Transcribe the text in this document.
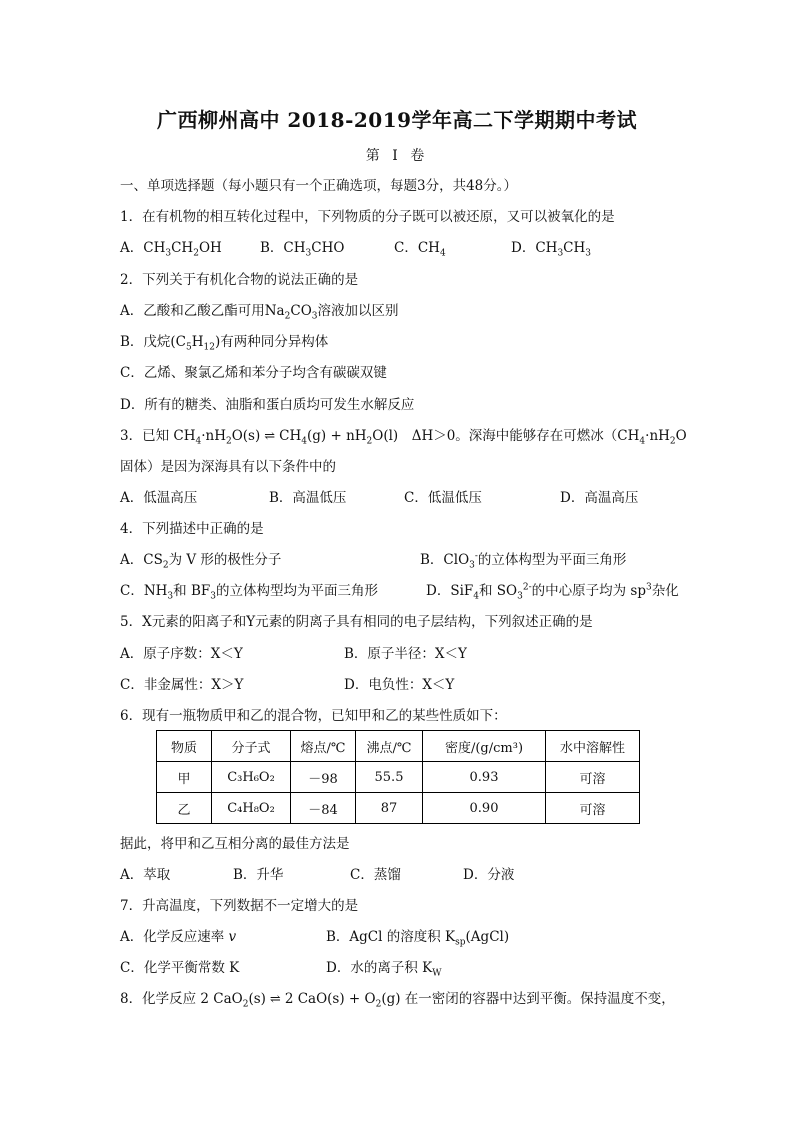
广西柳州高中 2018-2019学年高二下学期期中考试
第 Ⅰ 卷
一、单项选择题（每小题只有一个正确选项，每题3分，共48分。）
1．在有机物的相互转化过程中，下列物质的分子既可以被还原，又可以被氧化的是
A．$CH_3CH_2OH$	B．$CH_3CHO$	C．$CH_4$	D．$CH_3CH_3$
2．下列关于有机化合物的说法正确的是
A．乙酸和乙酸乙酯可用$Na_2CO_3$溶液加以区别
B．戊烷$(C_5H_{12})$有两种同分异构体
C．乙烯、聚氯乙烯和苯分子均含有碳碳双键
D．所有的糖类、油脂和蛋白质均可发生水解反应
3．已知 $CH_4\cdot nH_2O(s)$ ⇌ $CH_4(g) + nH_2O(l)$　ΔH＞0。深海中能够存在可燃冰（$CH_4\cdot nH_2O$
固体）是因为深海具有以下条件中的
A．低温高压	B．高温低压	C．低温低压	D．高温高压
4．下列描述中正确的是
A．$CS_2$为 V 形的极性分子	B．ClO$_3$-的立体构型为平面三角形
C．$NH_3$和 $BF_3$的立体构型均为平面三角形	D．SiF$_4$和 $SO_3^{2-}$的中心原子均为 $sp^3$杂化
5．X元素的阳离子和Y元素的阴离子具有相同的电子层结构，下列叙述正确的是
A．原子序数：X＜Y	B．原子半径：X＜Y
C．非金属性：X＞Y	D．电负性：X＜Y
6．现有一瓶物质甲和乙的混合物，已知甲和乙的某些性质如下：
物质	分子式	熔点/℃	沸点/℃	密度/(g/cm³)	水中溶解性
甲	C₃H₆O₂	－98	55.5	0.93	可溶
乙	C₄H₈O₂	－84	87	0.90	可溶
据此，将甲和乙互相分离的最佳方法是
A．萃取	B．升华	C．蒸馏	D．分液
7．升高温度，下列数据不一定增大的是
A．化学反应速率 v	B．AgCl 的溶度积 $K_{sp}(AgCl)$
C．化学平衡常数 K	D．水的离子积 $K_W$
8．化学反应 2 CaO$_2$(s) ⇌ 2 $CaO(s) + O_2(g)$ 在一密闭的容器中达到平衡。保持温度不变，
